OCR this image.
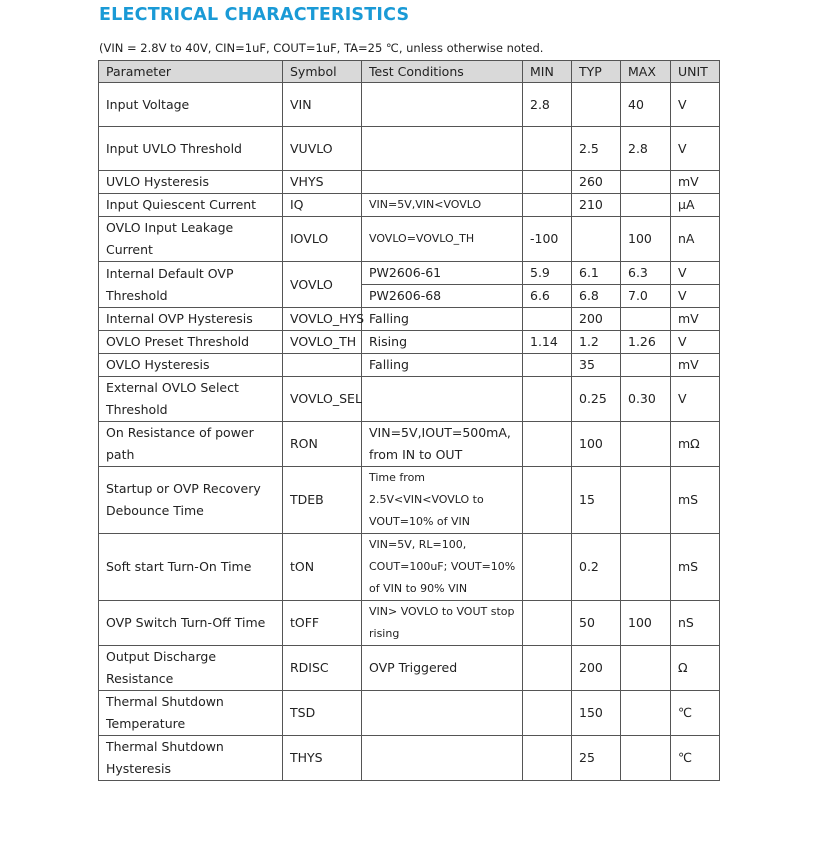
ELECTRICAL CHARACTERISTICS
(VIN = 2.8V to 40V, CIN=1uF, COUT=1uF, TA=25 ℃, unless otherwise noted.
Parameter	Symbol	Test Conditions	MIN	TYP	MAX	UNIT
Input Voltage	VIN		2.8		40	V
Input UVLO Threshold	VUVLO			2.5	2.8	V
UVLO Hysteresis	VHYS			260		mV
Input Quiescent Current	IQ	VIN=5V,VIN<VOVLO		210		µA
OVLO Input Leakage Current	IOVLO	VOVLO=VOVLO_TH	-100		100	nA
Internal Default OVP Threshold	VOVLO	PW2606-61	5.9	6.1	6.3	V
		PW2606-68	6.6	6.8	7.0	V
Internal OVP Hysteresis	VOVLO_HYS	Falling		200		mV
OVLO Preset Threshold	VOVLO_TH	Rising	1.14	1.2	1.26	V
OVLO Hysteresis		Falling		35		mV
External OVLO Select Threshold	VOVLO_SEL			0.25	0.30	V
On Resistance of power path	RON	VIN=5V,IOUT=500mA, from IN to OUT		100		mΩ
Startup or OVP Recovery Debounce Time	TDEB	Time from 2.5V<VIN<VOVLO to VOUT=10% of VIN		15		mS
Soft start Turn-On Time	tON	VIN=5V, RL=100, COUT=100uF; VOUT=10% of VIN to 90% VIN		0.2		mS
OVP Switch Turn-Off Time	tOFF	VIN> VOVLO to VOUT stop rising		50	100	nS
Output Discharge Resistance	RDISC	OVP Triggered		200		Ω
Thermal Shutdown Temperature	TSD			150		℃
Thermal Shutdown Hysteresis	THYS			25		℃
